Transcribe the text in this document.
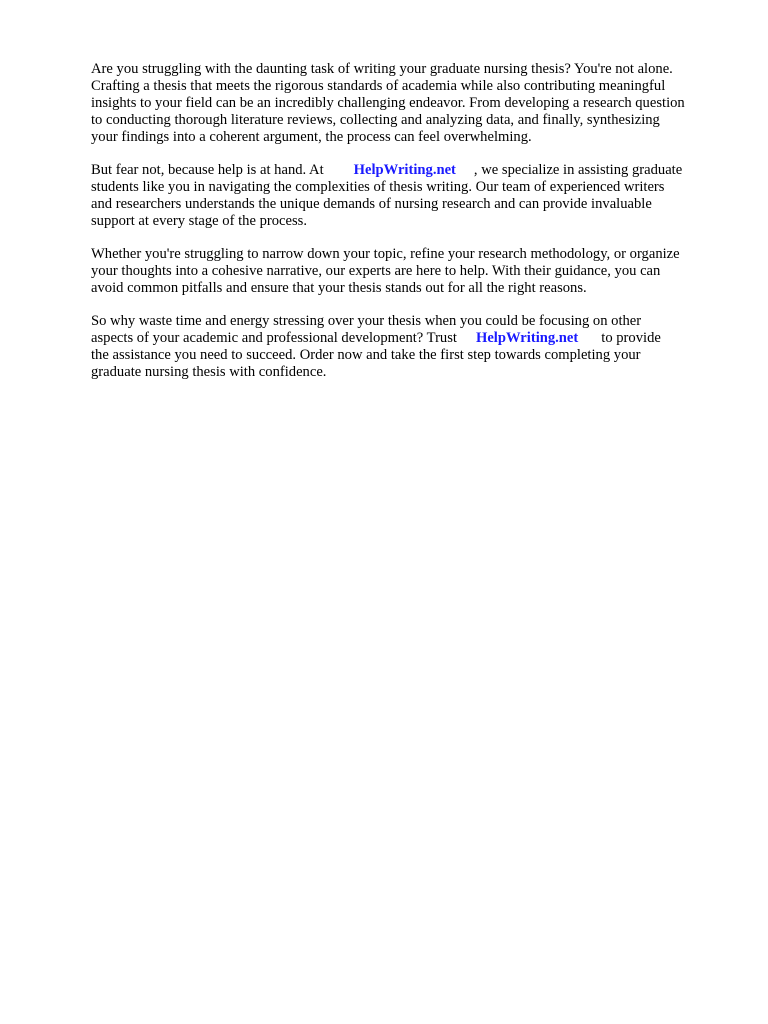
Are you struggling with the daunting task of writing your graduate nursing thesis? You're not alone.
Crafting a thesis that meets the rigorous standards of academia while also contributing meaningful
insights to your field can be an incredibly challenging endeavor. From developing a research question
to conducting thorough literature reviews, collecting and analyzing data, and finally, synthesizing
your findings into a coherent argument, the process can feel overwhelming.

But fear not, because help is at hand. At HelpWriting.net , we specialize in assisting graduate
students like you in navigating the complexities of thesis writing. Our team of experienced writers
and researchers understands the unique demands of nursing research and can provide invaluable
support at every stage of the process.

Whether you're struggling to narrow down your topic, refine your research methodology, or organize
your thoughts into a cohesive narrative, our experts are here to help. With their guidance, you can
avoid common pitfalls and ensure that your thesis stands out for all the right reasons.

So why waste time and energy stressing over your thesis when you could be focusing on other
aspects of your academic and professional development? Trust HelpWriting.net to provide
the assistance you need to succeed. Order now and take the first step towards completing your
graduate nursing thesis with confidence.
